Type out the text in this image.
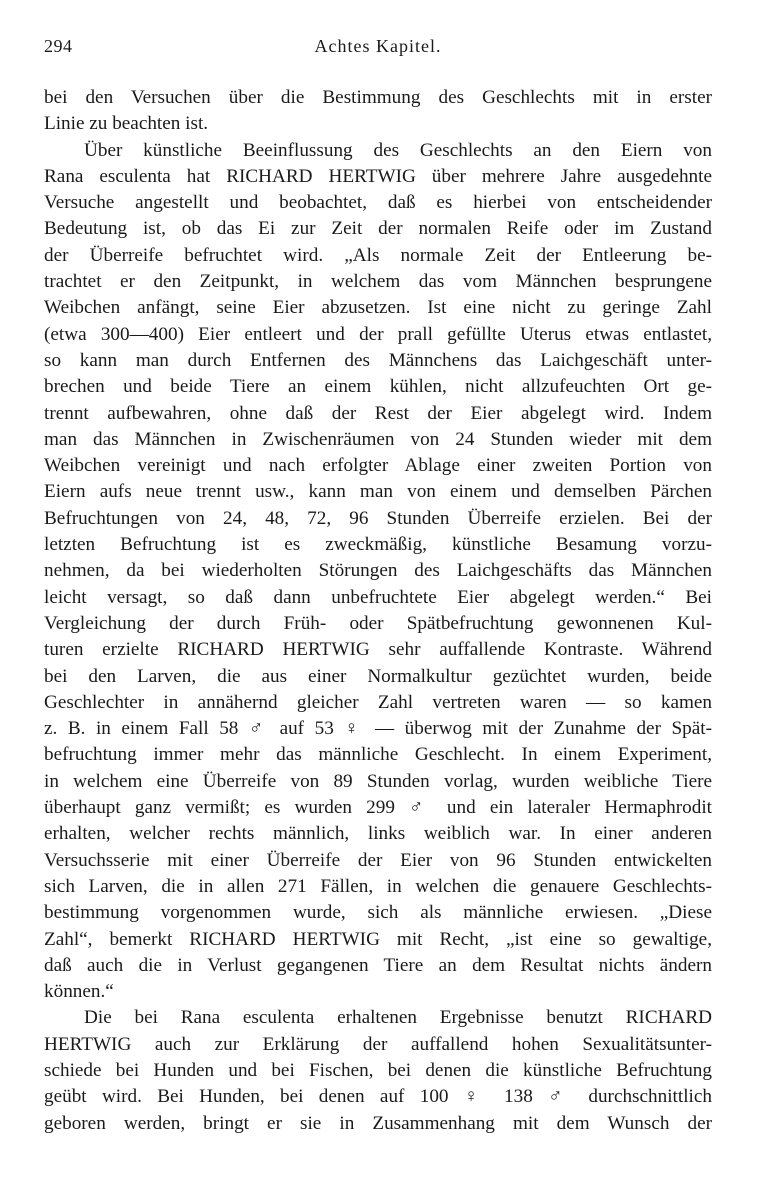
294	Achtes Kapitel.
bei den Versuchen über die Bestimmung des Geschlechts mit in erster
Linie zu beachten ist.
Über künstliche Beeinflussung des Geschlechts an den Eiern von
Rana esculenta hat RICHARD HERTWIG über mehrere Jahre ausgedehnte
Versuche angestellt und beobachtet, daß es hierbei von entscheidender
Bedeutung ist, ob das Ei zur Zeit der normalen Reife oder im Zustand
der Überreife befruchtet wird. „Als normale Zeit der Entleerung be-
trachtet er den Zeitpunkt, in welchem das vom Männchen besprungene
Weibchen anfängt, seine Eier abzusetzen. Ist eine nicht zu geringe Zahl
(etwa 300—400) Eier entleert und der prall gefüllte Uterus etwas entlastet,
so kann man durch Entfernen des Männchens das Laichgeschäft unter-
brechen und beide Tiere an einem kühlen, nicht allzufeuchten Ort ge-
trennt aufbewahren, ohne daß der Rest der Eier abgelegt wird. Indem
man das Männchen in Zwischenräumen von 24 Stunden wieder mit dem
Weibchen vereinigt und nach erfolgter Ablage einer zweiten Portion von
Eiern aufs neue trennt usw., kann man von einem und demselben Pärchen
Befruchtungen von 24, 48, 72, 96 Stunden Überreife erzielen. Bei der
letzten Befruchtung ist es zweckmäßig, künstliche Besamung vorzu-
nehmen, da bei wiederholten Störungen des Laichgeschäfts das Männchen
leicht versagt, so daß dann unbefruchtete Eier abgelegt werden.“ Bei
Vergleichung der durch Früh- oder Spätbefruchtung gewonnenen Kul-
turen erzielte RICHARD HERTWIG sehr auffallende Kontraste. Während
bei den Larven, die aus einer Normalkultur gezüchtet wurden, beide
Geschlechter in annähernd gleicher Zahl vertreten waren — so kamen
z. B. in einem Fall 58 ♂ auf 53 ♀ — überwog mit der Zunahme der Spät-
befruchtung immer mehr das männliche Geschlecht. In einem Experiment,
in welchem eine Überreife von 89 Stunden vorlag, wurden weibliche Tiere
überhaupt ganz vermißt; es wurden 299 ♂ und ein lateraler Hermaphrodit
erhalten, welcher rechts männlich, links weiblich war. In einer anderen
Versuchsserie mit einer Überreife der Eier von 96 Stunden entwickelten
sich Larven, die in allen 271 Fällen, in welchen die genauere Geschlechts-
bestimmung vorgenommen wurde, sich als männliche erwiesen. „Diese
Zahl“, bemerkt RICHARD HERTWIG mit Recht, „ist eine so gewaltige,
daß auch die in Verlust gegangenen Tiere an dem Resultat nichts ändern
können.“
Die bei Rana esculenta erhaltenen Ergebnisse benutzt RICHARD
HERTWIG auch zur Erklärung der auffallend hohen Sexualitätsunter-
schiede bei Hunden und bei Fischen, bei denen die künstliche Befruchtung
geübt wird. Bei Hunden, bei denen auf 100 ♀ 138 ♂ durchschnittlich
geboren werden, bringt er sie in Zusammenhang mit dem Wunsch der
